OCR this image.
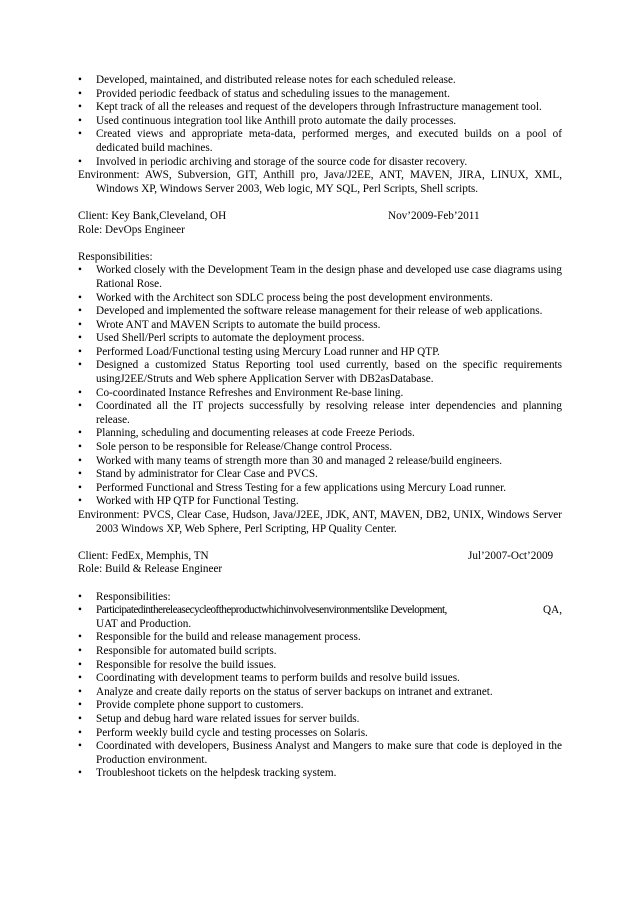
• Developed, maintained, and distributed release notes for each scheduled release.
• Provided periodic feedback of status and scheduling issues to the management.
• Kept track of all the releases and request of the developers through Infrastructure management tool.
• Used continuous integration tool like Anthill proto automate the daily processes.
• Created views and appropriate meta-data, performed merges, and executed builds on a pool of dedicated build machines.
• Involved in periodic archiving and storage of the source code for disaster recovery.
Environment: AWS, Subversion, GIT, Anthill pro, Java/J2EE, ANT, MAVEN, JIRA, LINUX, XML, Windows XP, Windows Server 2003, Web logic, MY SQL, Perl Scripts, Shell scripts.
Client: Key Bank,Cleveland, OH	Nov’2009-Feb’2011
Role: DevOps Engineer
Responsibilities:
• Worked closely with the Development Team in the design phase and developed use case diagrams using Rational Rose.
• Worked with the Architect son SDLC process being the post development environments.
• Developed and implemented the software release management for their release of web applications.
• Wrote ANT and MAVEN Scripts to automate the build process.
• Used Shell/Perl scripts to automate the deployment process.
• Performed Load/Functional testing using Mercury Load runner and HP QTP.
• Designed a customized Status Reporting tool used currently, based on the specific requirements usingJ2EE/Struts and Web sphere Application Server with DB2asDatabase.
• Co-coordinated Instance Refreshes and Environment Re-base lining.
• Coordinated all the IT projects successfully by resolving release inter dependencies and planning release.
• Planning, scheduling and documenting releases at code Freeze Periods.
• Sole person to be responsible for Release/Change control Process.
• Worked with many teams of strength more than 30 and managed 2 release/build engineers.
• Stand by administrator for Clear Case and PVCS.
• Performed Functional and Stress Testing for a few applications using Mercury Load runner.
• Worked with HP QTP for Functional Testing.
Environment: PVCS, Clear Case, Hudson, Java/J2EE, JDK, ANT, MAVEN, DB2, UNIX, Windows Server 2003 Windows XP, Web Sphere, Perl Scripting, HP Quality Center.
Client: FedEx, Memphis, TN	Jul’2007-Oct’2009
Role: Build & Release Engineer
• Responsibilities:
• Participatedinthereleasecycleoftheproductwhichinvolvesenvironmentslike Development,	QA,
UAT and Production.
• Responsible for the build and release management process.
• Responsible for automated build scripts.
• Responsible for resolve the build issues.
• Coordinating with development teams to perform builds and resolve build issues.
• Analyze and create daily reports on the status of server backups on intranet and extranet.
• Provide complete phone support to customers.
• Setup and debug hard ware related issues for server builds.
• Perform weekly build cycle and testing processes on Solaris.
• Coordinated with developers, Business Analyst and Mangers to make sure that code is deployed in the Production environment.
• Troubleshoot tickets on the helpdesk tracking system.
